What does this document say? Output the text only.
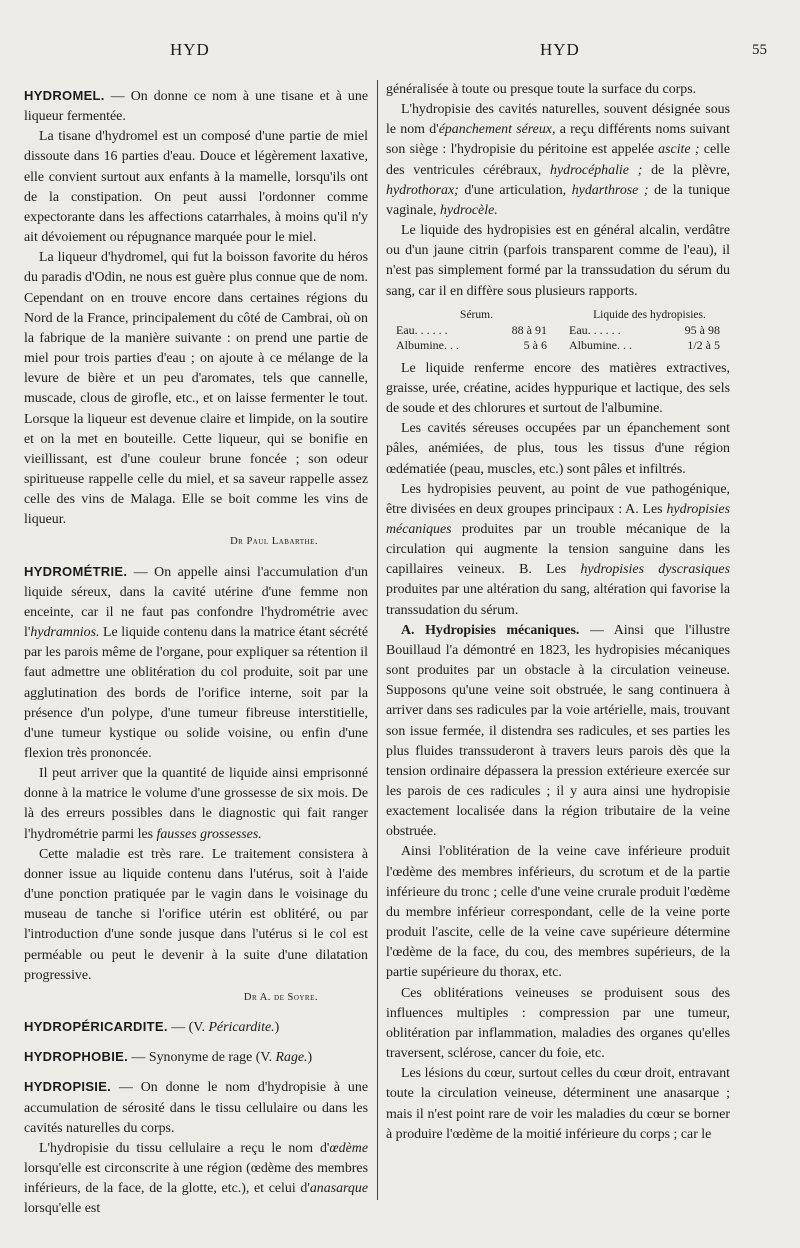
HYD	HYD	55

HYDROMEL. — On donne ce nom à une tisane et à une liqueur fermentée.

La tisane d'hydromel est un composé d'une partie de miel dissoute dans 16 parties d'eau. Douce et légèrement laxative, elle convient surtout aux enfants à la mamelle, lorsqu'ils ont de la constipation. On peut aussi l'ordonner comme expectorante dans les affections catarrhales, à moins qu'il n'y ait dévoiement ou répugnance marquée pour le miel.

La liqueur d'hydromel, qui fut la boisson favorite du héros du paradis d'Odin, ne nous est guère plus connue que de nom. Cependant on en trouve encore dans certaines régions du Nord de la France, principalement du côté de Cambrai, où on la fabrique de la manière suivante : on prend une partie de miel pour trois parties d'eau ; on ajoute à ce mélange de la levure de bière et un peu d'aromates, tels que cannelle, muscade, clous de girofle, etc., et on laisse fermenter le tout. Lorsque la liqueur est devenue claire et limpide, on la soutire et on la met en bouteille. Cette liqueur, qui se bonifie en vieillissant, est d'une couleur brune foncée ; son odeur spiritueuse rappelle celle du miel, et sa saveur rappelle assez celle des vins de Malaga. Elle se boit comme les vins de liqueur.

Dr Paul Labarthe.

HYDROMÉTRIE. — On appelle ainsi l'accumulation d'un liquide séreux, dans la cavité utérine d'une femme non enceinte, car il ne faut pas confondre l'hydrométrie avec l'hydramnios. Le liquide contenu dans la matrice étant sécrété par les parois même de l'organe, pour expliquer sa rétention il faut admettre une oblitération du col produite, soit par une agglutination des bords de l'orifice interne, soit par la présence d'un polype, d'une tumeur fibreuse interstitielle, d'une tumeur kystique ou solide voisine, ou enfin d'une flexion très prononcée.

Il peut arriver que la quantité de liquide ainsi emprisonné donne à la matrice le volume d'une grossesse de six mois. De là des erreurs possibles dans le diagnostic qui fait ranger l'hydrométrie parmi les fausses grossesses.

Cette maladie est très rare. Le traitement consistera à donner issue au liquide contenu dans l'utérus, soit à l'aide d'une ponction pratiquée par le vagin dans le voisinage du museau de tanche si l'orifice utérin est oblitéré, ou par l'introduction d'une sonde jusque dans l'utérus si le col est perméable ou peut le devenir à la suite d'une dilatation progressive.

Dr A. de Soyre.

HYDROPÉRICARDITE. — (V. Péricardite.)

HYDROPHOBIE. — Synonyme de rage (V. Rage.)

HYDROPISIE. — On donne le nom d'hydropisie à une accumulation de sérosité dans le tissu cellulaire ou dans les cavités naturelles du corps.

L'hydropisie du tissu cellulaire a reçu le nom d'œdème lorsqu'elle est circonscrite à une région (œdème des membres inférieurs, de la face, de la glotte, etc.), et celui d'anasarque lorsqu'elle est

généralisée à toute ou presque toute la surface du corps.

L'hydropisie des cavités naturelles, souvent désignée sous le nom d'épanchement séreux, a reçu différents noms suivant son siège : l'hydropisie du péritoine est appelée ascite ; celle des ventricules cérébraux, hydrocéphalie ; de la plèvre, hydrothorax; d'une articulation, hydarthrose ; de la tunique vaginale, hydrocèle.

Le liquide des hydropisies est en général alcalin, verdâtre ou d'un jaune citrin (parfois transparent comme de l'eau), il n'est pas simplement formé par la transsudation du sérum du sang, car il en diffère sous plusieurs rapports.

Sérum.	Liquide des hydropisies.
Eau. . . . . .	88 à 91 Eau. . . . . .	95 à 98
Albumine. . .	5 à 6 Albumine. . .	1/2 à 5

Le liquide renferme encore des matières extractives, graisse, urée, créatine, acides hyppurique et lactique, des sels de soude et des chlorures et surtout de l'albumine.

Les cavités séreuses occupées par un épanchement sont pâles, anémiées, de plus, tous les tissus d'une région œdématiée (peau, muscles, etc.) sont pâles et infiltrés.

Les hydropisies peuvent, au point de vue pathogénique, être divisées en deux groupes principaux : A. Les hydropisies mécaniques produites par un trouble mécanique de la circulation qui augmente la tension sanguine dans les capillaires veineux. B. Les hydropisies dyscrasiques produites par une altération du sang, altération qui favorise la transsudation du sérum.

A. Hydropisies mécaniques. — Ainsi que l'illustre Bouillaud l'a démontré en 1823, les hydropisies mécaniques sont produites par un obstacle à la circulation veineuse. Supposons qu'une veine soit obstruée, le sang continuera à arriver dans ses radicules par la voie artérielle, mais, trouvant son issue fermée, il distendra ses radicules, et ses parties les plus fluides transsuderont à travers leurs parois dès que la tension ordinaire dépassera la pression extérieure exercée sur les parois de ces radicules ; il y aura ainsi une hydropisie exactement localisée dans la région tributaire de la veine obstruée.

Ainsi l'oblitération de la veine cave inférieure produit l'œdème des membres inférieurs, du scrotum et de la partie inférieure du tronc ; celle d'une veine crurale produit l'œdème du membre inférieur correspondant, celle de la veine porte produit l'ascite, celle de la veine cave supérieure détermine l'œdème de la face, du cou, des membres supérieurs, de la partie supérieure du thorax, etc.

Ces oblitérations veineuses se produisent sous des influences multiples : compression par une tumeur, oblitération par inflammation, maladies des organes qu'elles traversent, sclérose, cancer du foie, etc.

Les lésions du cœur, surtout celles du cœur droit, entravant toute la circulation veineuse, déterminent une anasarque ; mais il n'est point rare de voir les maladies du cœur se borner à produire l'œdème de la moitié inférieure du corps ; car le
